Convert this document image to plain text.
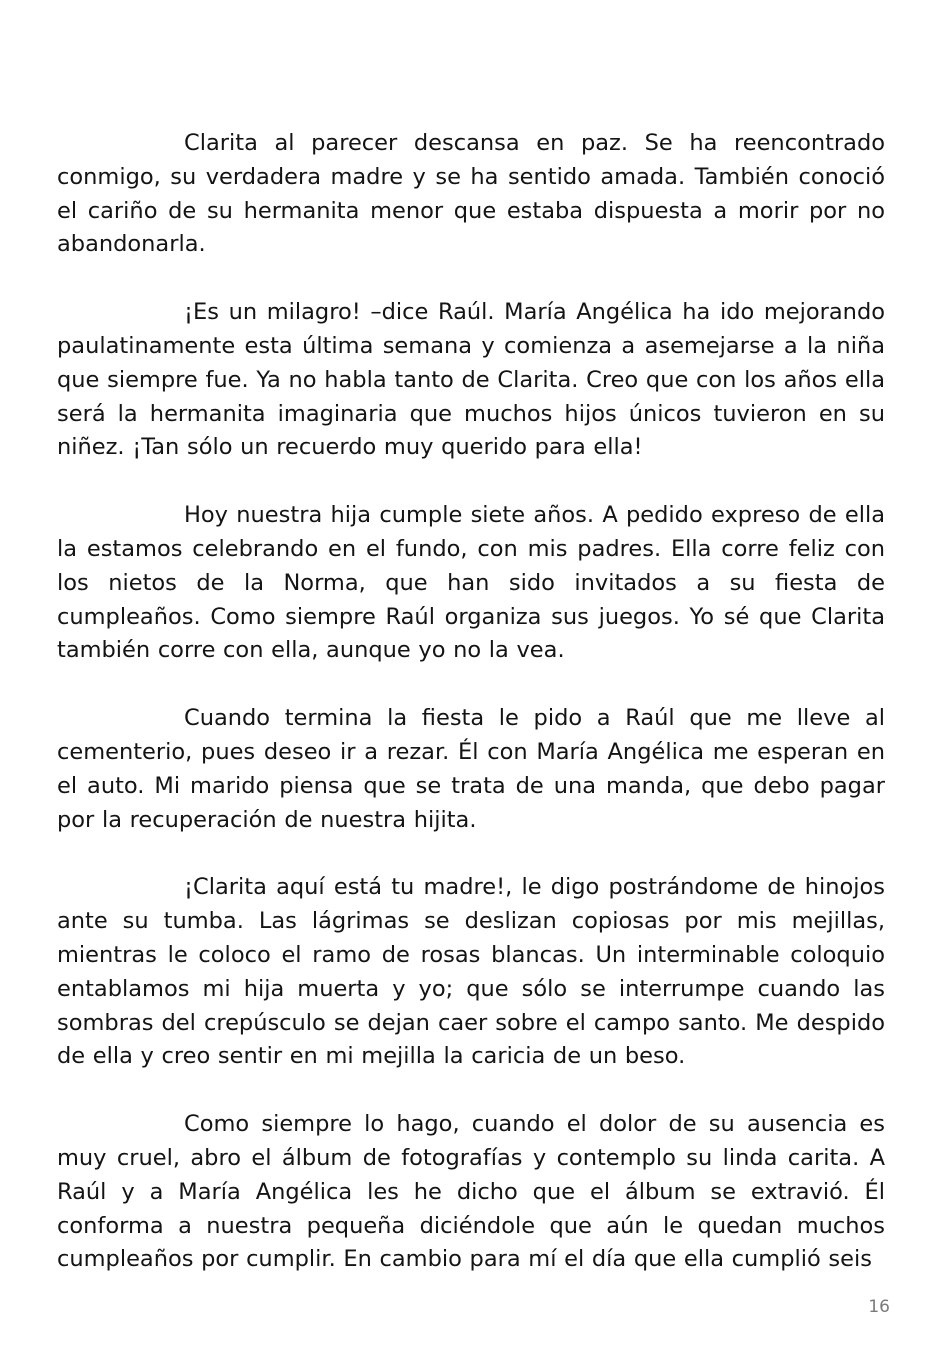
Clarita al parecer descansa en paz. Se ha reencontrado conmigo, su verdadera madre y se ha sentido amada. También conoció el cariño de su hermanita menor que estaba dispuesta a morir por no abandonarla.

¡Es un milagro! –dice Raúl. María Angélica ha ido mejorando paulatinamente esta última semana y comienza a asemejarse a la niña que siempre fue. Ya no habla tanto de Clarita. Creo que con los años ella será la hermanita imaginaria que muchos hijos únicos tuvieron en su niñez. ¡Tan sólo un recuerdo muy querido para ella!

Hoy nuestra hija cumple siete años. A pedido expreso de ella la estamos celebrando en el fundo, con mis padres. Ella corre feliz con los nietos de la Norma, que han sido invitados a su fiesta de cumpleaños. Como siempre Raúl organiza sus juegos. Yo sé que Clarita también corre con ella, aunque yo no la vea.

Cuando termina la fiesta le pido a Raúl que me lleve al cementerio, pues deseo ir a rezar. Él con María Angélica me esperan en el auto. Mi marido piensa que se trata de una manda, que debo pagar por la recuperación de nuestra hijita.

¡Clarita aquí está tu madre!, le digo postrándome de hinojos ante su tumba. Las lágrimas se deslizan copiosas por mis mejillas, mientras le coloco el ramo de rosas blancas. Un interminable coloquio entablamos mi hija muerta y yo; que sólo se interrumpe cuando las sombras del crepúsculo se dejan caer sobre el campo santo. Me despido de ella y creo sentir en mi mejilla la caricia de un beso.

Como siempre lo hago, cuando el dolor de su ausencia es muy cruel, abro el álbum de fotografías y contemplo su linda carita. A Raúl y a María Angélica les he dicho que el álbum se extravió. Él conforma a nuestra pequeña diciéndole que aún le quedan muchos cumpleaños por cumplir. En cambio para mí el día que ella cumplió seis

16
